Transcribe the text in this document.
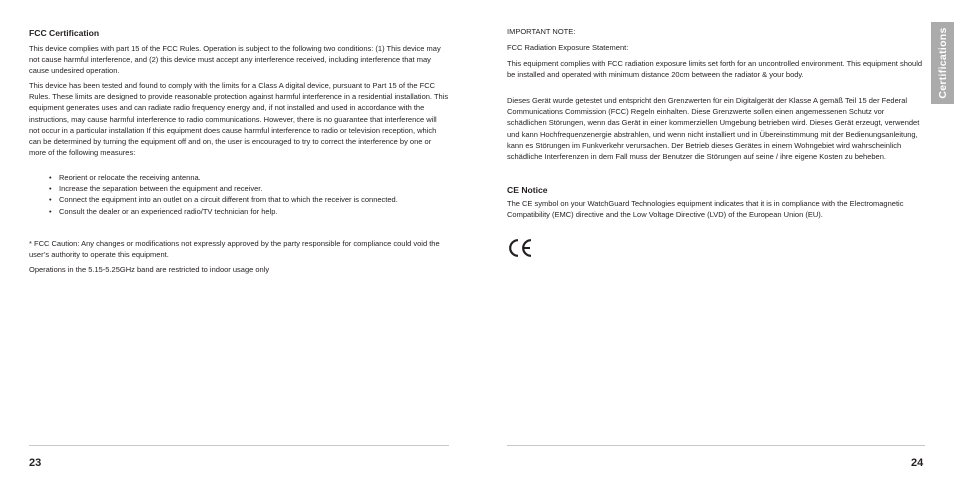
FCC Certification

This device complies with part 15 of the FCC Rules. Operation is subject to the following two conditions: (1) This device may not cause harmful interference, and (2) this device must accept any interference received, including interference that may cause undesired operation.

This device has been tested and found to comply with the limits for a Class A digital device, pursuant to Part 15 of the FCC Rules. These limits are designed to provide reasonable protection against harmful interference in a residential installation. This equipment generates uses and can radiate radio frequency energy and, if not installed and used in accordance with the instructions, may cause harmful interference to radio communications. However, there is no guarantee that interference will not occur in a particular installation If this equipment does cause harmful interference to radio or television reception, which can be determined by turning the equipment off and on, the user is encouraged to try to correct the interference by one or more of the following measures:

• Reorient or relocate the receiving antenna.
• Increase the separation between the equipment and receiver.
• Connect the equipment into an outlet on a circuit different from that to which the receiver is connected.
• Consult the dealer or an experienced radio/TV technician for help.

* FCC Caution: Any changes or modifications not expressly approved by the party responsible for compliance could void the user’s authority to operate this equipment.

Operations in the 5.15-5.25GHz band are restricted to indoor usage only

23

IMPORTANT NOTE:

FCC Radiation Exposure Statement:

This equipment complies with FCC radiation exposure limits set forth for an uncontrolled environment. This equipment should be installed and operated with minimum distance 20cm between the radiator & your body.

Dieses Gerät wurde getestet und entspricht den Grenzwerten für ein Digitalgerät der Klasse A gemäß Teil 15 der Federal Communications Commission (FCC) Regeln einhalten. Diese Grenzwerte sollen einen angemessenen Schutz vor schädlichen Störungen, wenn das Gerät in einer kommerziellen Umgebung betrieben wird. Dieses Gerät erzeugt, verwendet und kann Hochfrequenzenergie abstrahlen, und wenn nicht installiert und in Übereinstimmung mit der Bedienungsanleitung, kann es Störungen im Funkverkehr verursachen. Der Betrieb dieses Gerätes in einem Wohngebiet wird wahrscheinlich schädliche Interferenzen in dem Fall muss der Benutzer die Störungen auf seine / ihre eigene Kosten zu beheben.

CE Notice

The CE symbol on your WatchGuard Technologies equipment indicates that it is in compliance with the Electromagnetic Compatibility (EMC) directive and the Low Voltage Directive (LVD) of the European Union (EU).

24
Certifications
